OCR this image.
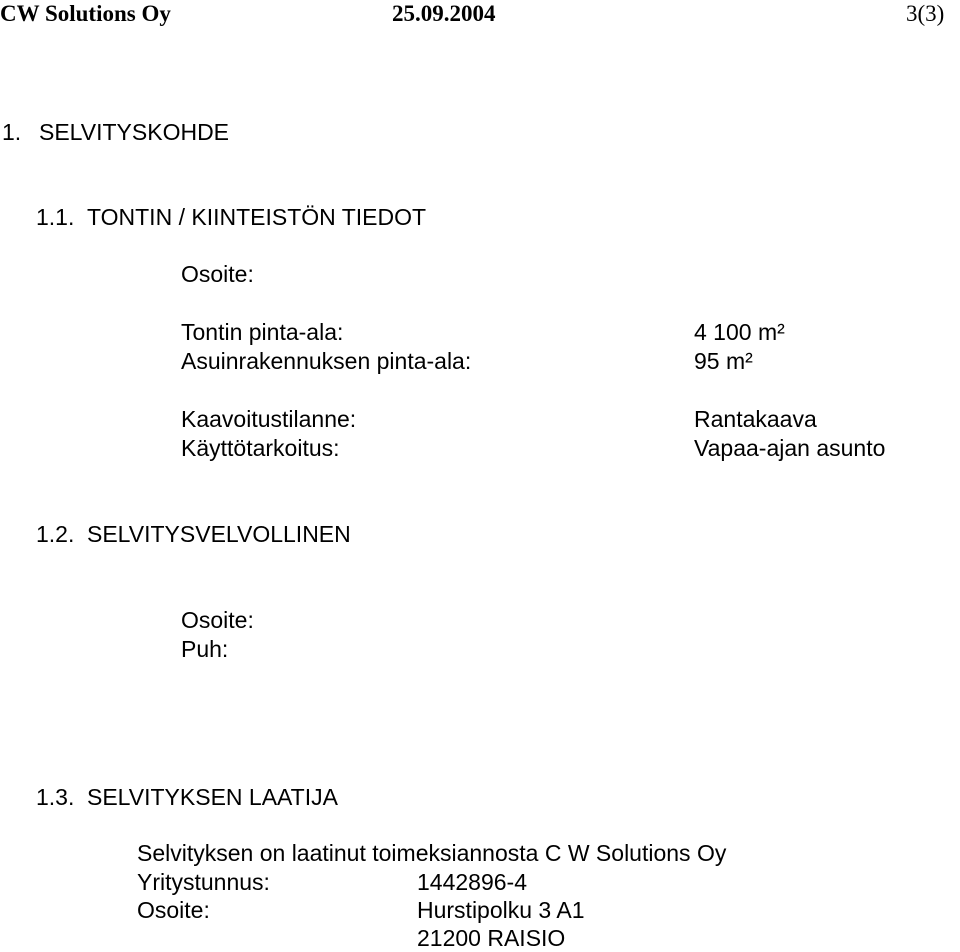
CW Solutions Oy	25.09.2004	3(3)
1. SELVITYSKOHDE
1.1. TONTIN / KIINTEISTÖN TIEDOT
Osoite:
Tontin pinta-ala:	4 100 m²
Asuinrakennuksen pinta-ala:	95 m²
Kaavoitustilanne:	Rantakaava
Käyttötarkoitus:	Vapaa-ajan asunto
1.2. SELVITYSVELVOLLINEN
Osoite:
Puh:
1.3. SELVITYKSEN LAATIJA
Selvityksen on laatinut toimeksiannosta C W Solutions Oy
Yritystunnus:	1442896-4
Osoite:	Hurstipolku 3 A1
21200 RAISIO
